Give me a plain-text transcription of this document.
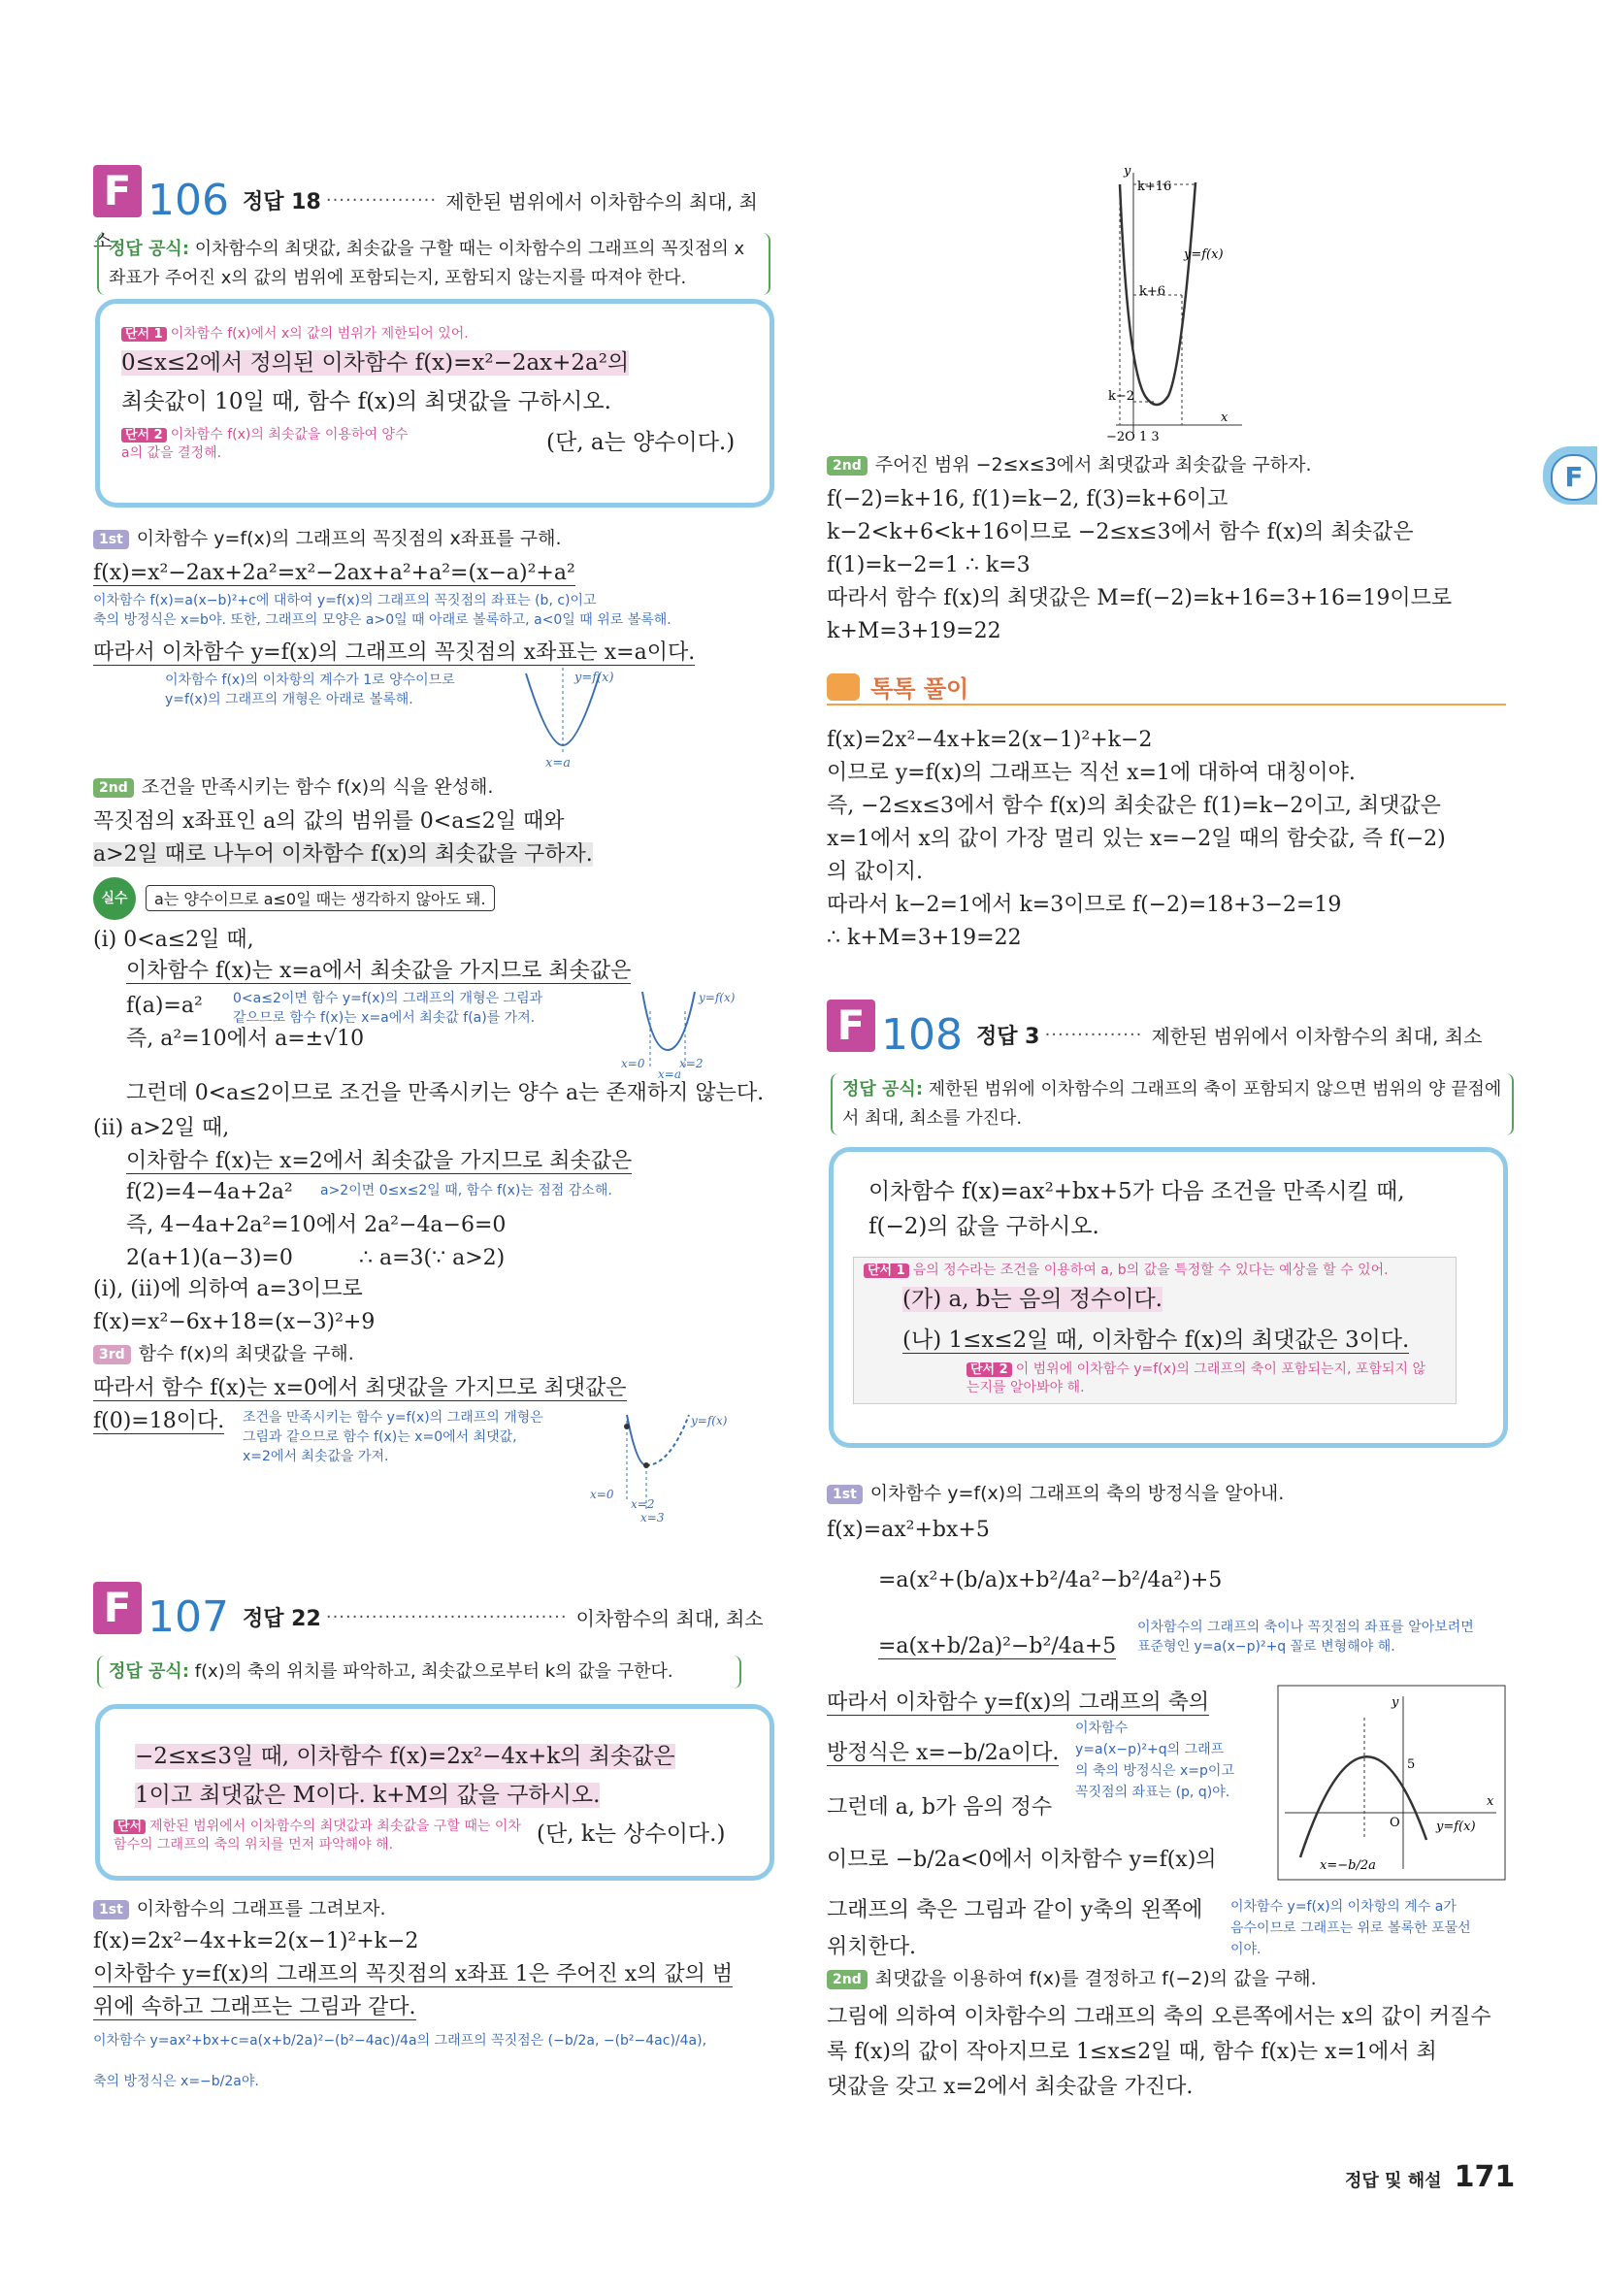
F 106 정답 18 ················· 제한된 범위에서 이차함수의 최대, 최소
정답 공식: 이차함수의 최댓값, 최솟값을 구할 때는 이차함수의 그래프의 꼭짓점의 x좌표가 주어진 x의 값의 범위에 포함되는지, 포함되지 않는지를 따져야 한다.
단서 1 이차함수 f(x)에서 x의 값의 범위가 제한되어 있어.
0≤x≤2에서 정의된 이차함수 f(x)=x²−2ax+2a²의
최솟값이 10일 때, 함수 f(x)의 최댓값을 구하시오.
(단, a는 양수이다.)
단서 2 이차함수 f(x)의 최솟값을 이용하여 양수 a의 값을 결정해.
1st 이차함수 y=f(x)의 그래프의 꼭짓점의 x좌표를 구해.
f(x)=x²−2ax+2a²=x²−2ax+a²+a²=(x−a)²+a²
이차함수 f(x)=a(x−b)²+c에 대하여 y=f(x)의 그래프의 꼭짓점의 좌표는 (b, c)이고
축의 방정식은 x=b야. 또한, 그래프의 모양은 a>0일 때 아래로 볼록하고, a<0일 때 위로 볼록해.
따라서 이차함수 y=f(x)의 그래프의 꼭짓점의 x좌표는 x=a이다.
이차함수 f(x)의 이차항의 계수가 1로 양수이므로
y=f(x)의 그래프의 개형은 아래로 볼록해.
y=f(x)
x=a
2nd 조건을 만족시키는 함수 f(x)의 식을 완성해.
꼭짓점의 x좌표인 a의 값의 범위를 0<a≤2일 때와
a>2일 때로 나누어 이차함수 f(x)의 최솟값을 구하자.
실수	a는 양수이므로 a≤0일 때는 생각하지 않아도 돼.
(ⅰ) 0<a≤2일 때,
이차함수 f(x)는 x=a에서 최솟값을 가지므로 최솟값은
f(a)=a² 0<a≤2이면 함수 y=f(x)의 그래프의 개형은 그림과
같으므로 함수 f(x)는 x=a에서 최솟값 f(a)를 가져.
y=f(x)
x=0	x=2
x=a
즉, a²=10에서 a=±√10
그런데 0<a≤2이므로 조건을 만족시키는 양수 a는 존재하지 않는다.
(ⅱ) a>2일 때,
이차함수 f(x)는 x=2에서 최솟값을 가지므로 최솟값은
f(2)=4−4a+2a² a>2이면 0≤x≤2일 때, 함수 f(x)는 점점 감소해.
즉, 4−4a+2a²=10에서 2a²−4a−6=0
2(a+1)(a−3)=0	∴ a=3(∵ a>2)
(ⅰ), (ⅱ)에 의하여 a=3이므로
f(x)=x²−6x+18=(x−3)²+9
3rd 함수 f(x)의 최댓값을 구해.
따라서 함수 f(x)는 x=0에서 최댓값을 가지므로 최댓값은
f(0)=18이다. 조건을 만족시키는 함수 y=f(x)의 그래프의 개형은
그림과 같으므로 함수 f(x)는 x=0에서 최댓값,
x=2에서 최솟값을 가져.
y=f(x)
x=0
x=2
x=3
F 107 정답 22 ····································· 이차함수의 최대, 최소
정답 공식: f(x)의 축의 위치를 파악하고, 최솟값으로부터 k의 값을 구한다.
−2≤x≤3일 때, 이차함수 f(x)=2x²−4x+k의 최솟값은
1이고 최댓값은 M이다. k+M의 값을 구하시오.
단서 제한된 범위에서 이차함수의 최댓값과 최솟값을 구할 때는 이차함수의 그래프의 축의 위치를 먼저 파악해야 해.	(단, k는 상수이다.)
1st 이차함수의 그래프를 그려보자.
f(x)=2x²−4x+k=2(x−1)²+k−2
이차함수 y=f(x)의 그래프의 꼭짓점의 x좌표 1은 주어진 x의 값의 범
위에 속하고 그래프는 그림과 같다.
이차함수 y=ax²+bx+c=a(x+b/2a)²−(b²−4ac)/4a의 그래프의 꼭짓점은 (−b/2a, −(b²−4ac)/4a),
축의 방정식은 x=−b/2a야.
y
k+16
y=f(x)
k+6
k−2
−2O 1 3
x
F
2nd 주어진 범위 −2≤x≤3에서 최댓값과 최솟값을 구하자.
f(−2)=k+16, f(1)=k−2, f(3)=k+6이고
k−2<k+6<k+16이므로 −2≤x≤3에서 함수 f(x)의 최솟값은
f(1)=k−2=1 ∴ k=3
따라서 함수 f(x)의 최댓값은 M=f(−2)=k+16=3+16=19이므로
k+M=3+19=22
톡톡 풀이
f(x)=2x²−4x+k=2(x−1)²+k−2
이므로 y=f(x)의 그래프는 직선 x=1에 대하여 대칭이야.
즉, −2≤x≤3에서 함수 f(x)의 최솟값은 f(1)=k−2이고, 최댓값은
x=1에서 x의 값이 가장 멀리 있는 x=−2일 때의 함숫값, 즉 f(−2)
의 값이지.
따라서 k−2=1에서 k=3이므로 f(−2)=18+3−2=19
∴ k+M=3+19=22
F 108 정답 3 ··············· 제한된 범위에서 이차함수의 최대, 최소
정답 공식: 제한된 범위에 이차함수의 그래프의 축이 포함되지 않으면 범위의 양 끝점에서 최대, 최소를 가진다.
이차함수 f(x)=ax²+bx+5가 다음 조건을 만족시킬 때,
f(−2)의 값을 구하시오.
단서 1 음의 정수라는 조건을 이용하여 a, b의 값을 특정할 수 있다는 예상을 할 수 있어.
(가) a, b는 음의 정수이다.
(나) 1≤x≤2일 때, 이차함수 f(x)의 최댓값은 3이다.
단서 2 이 범위에 이차함수 y=f(x)의 그래프의 축이 포함되는지, 포함되지 않는지를 알아봐야 해.
1st 이차함수 y=f(x)의 그래프의 축의 방정식을 알아내.
f(x)=ax²+bx+5
=a(x²+(b/a)x+b²/4a²−b²/4a²)+5
=a(x+b/2a)²−b²/4a+5
이차함수의 그래프의 축이나 꼭짓점의 좌표를 알아보려면
표준형인 y=a(x−p)²+q 꼴로 변형해야 해.
따라서 이차함수 y=f(x)의 그래프의 축의
방정식은 x=−b/2a이다.
이차함수
y=a(x−p)²+q의 그래프
의 축의 방정식은 x=p이고
꼭짓점의 좌표는 (p, q)야.
그런데 a, b가 음의 정수
이므로 −b/2a<0에서 이차함수 y=f(x)의
그래프의 축은 그림과 같이 y축의 왼쪽에
위치한다.
이차함수 y=f(x)의 이차항의 계수 a가
음수이므로 그래프는 위로 볼록한 포물선
이야.
y
5
x
O	y=f(x)
x=−b/2a
2nd 최댓값을 이용하여 f(x)를 결정하고 f(−2)의 값을 구해.
그림에 의하여 이차함수의 그래프의 축의 오른쪽에서는 x의 값이 커질수
록 f(x)의 값이 작아지므로 1≤x≤2일 때, 함수 f(x)는 x=1에서 최
댓값을 갖고 x=2에서 최솟값을 가진다.
정답 및 해설 171
